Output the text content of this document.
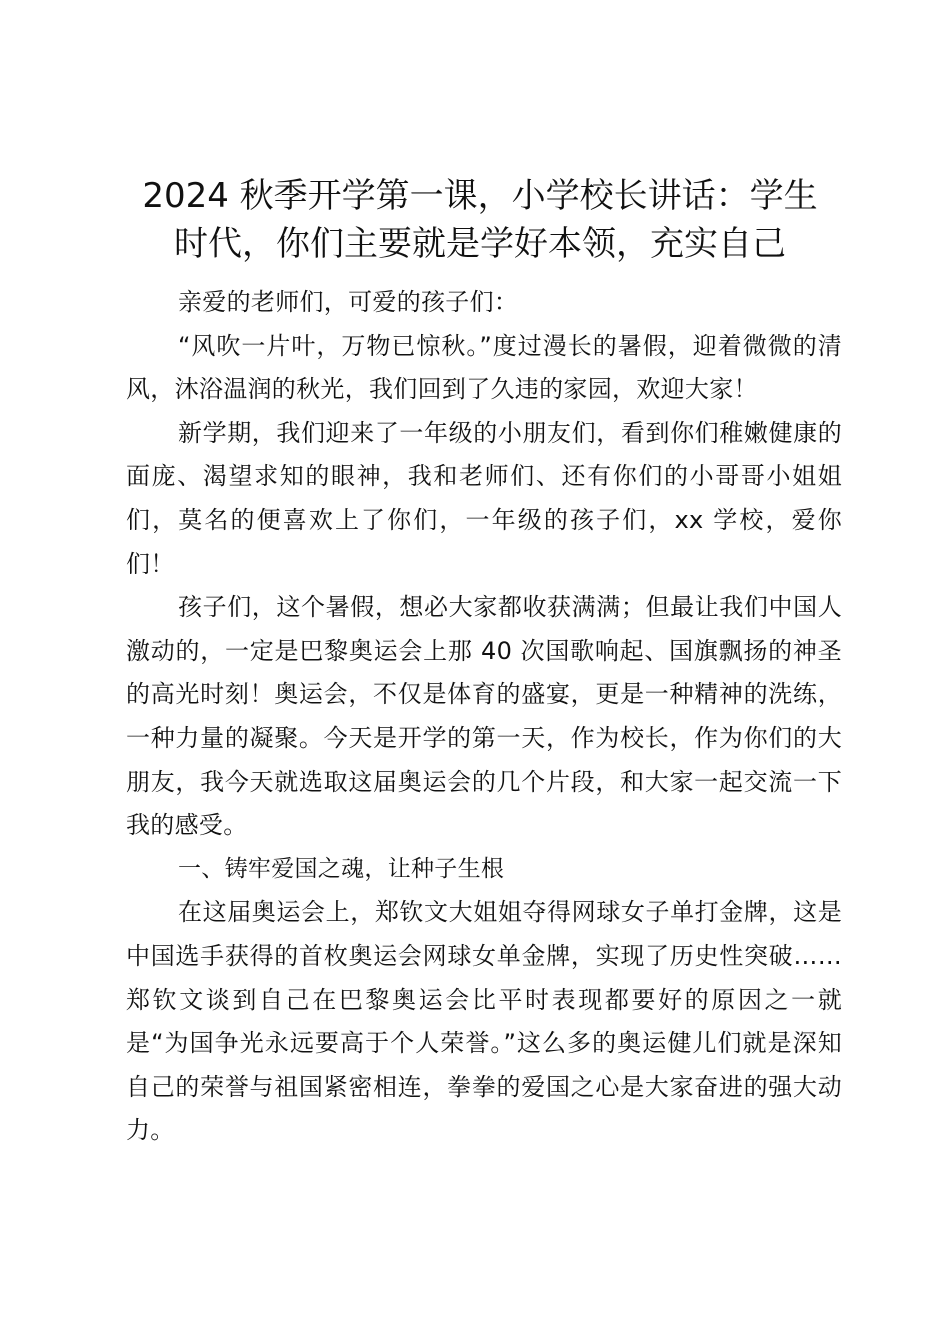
2024 秋季开学第一课，小学校长讲话：学生
时代，你们主要就是学好本领，充实自己

亲爱的老师们，可爱的孩子们：

“风吹一片叶，万物已惊秋。”度过漫长的暑假，迎着微微的清风，沐浴温润的秋光，我们回到了久违的家园，欢迎大家！

新学期，我们迎来了一年级的小朋友们，看到你们稚嫩健康的面庞、渴望求知的眼神，我和老师们、还有你们的小哥哥小姐姐们，莫名的便喜欢上了你们，一年级的孩子们，xx 学校，爱你们！

孩子们，这个暑假，想必大家都收获满满；但最让我们中国人激动的，一定是巴黎奥运会上那 40 次国歌响起、国旗飘扬的神圣的高光时刻！奥运会，不仅是体育的盛宴，更是一种精神的洗练，一种力量的凝聚。今天是开学的第一天，作为校长，作为你们的大朋友，我今天就选取这届奥运会的几个片段，和大家一起交流一下我的感受。

一、铸牢爱国之魂，让种子生根

在这届奥运会上，郑钦文大姐姐夺得网球女子单打金牌，这是中国选手获得的首枚奥运会网球女单金牌，实现了历史性突破……郑钦文谈到自己在巴黎奥运会比平时表现都要好的原因之一就是“为国争光永远要高于个人荣誉。”这么多的奥运健儿们就是深知自己的荣誉与祖国紧密相连，拳拳的爱国之心是大家奋进的强大动力。
